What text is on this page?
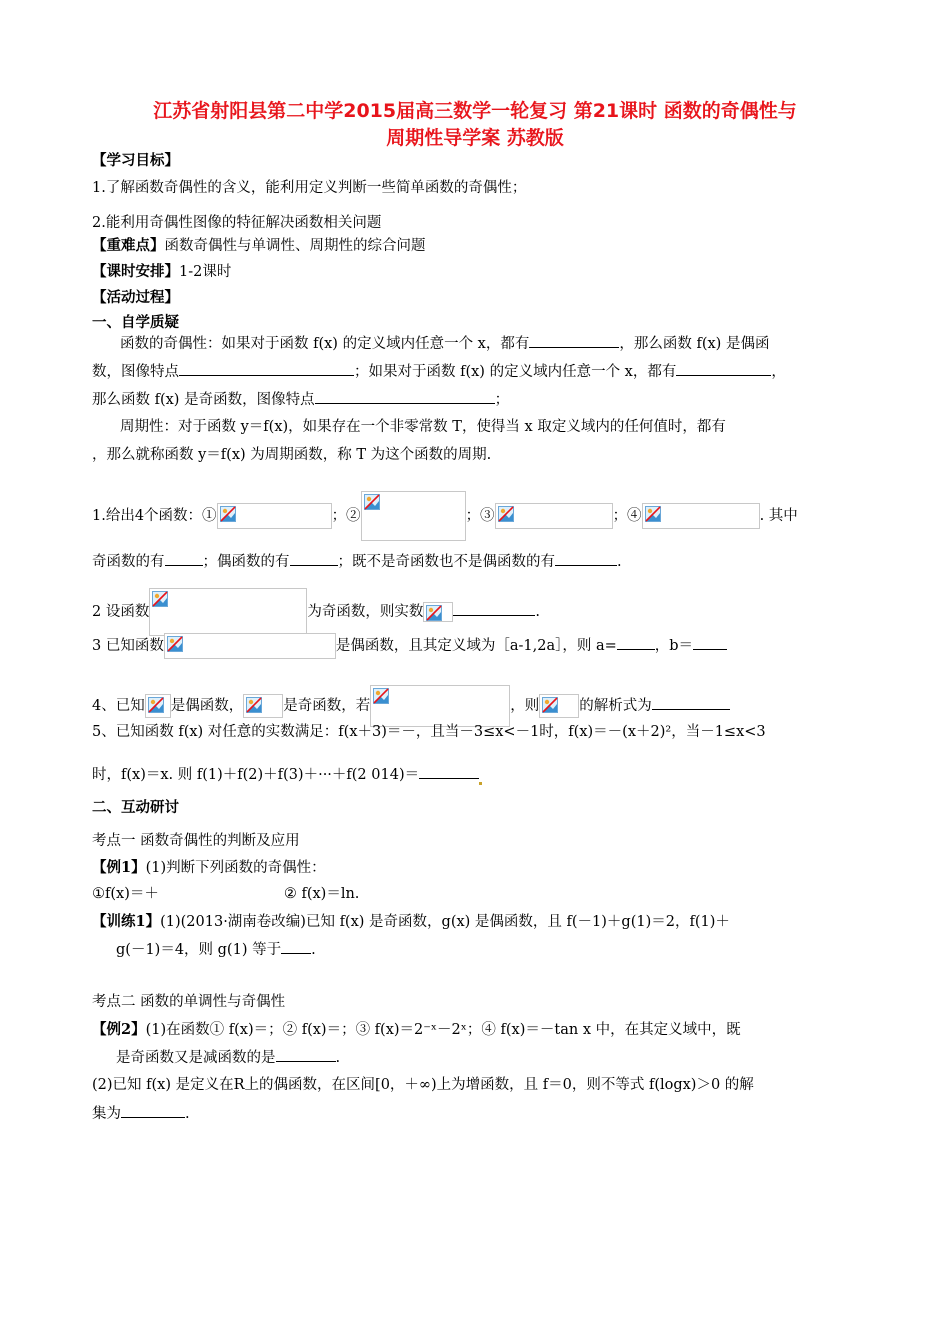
江苏省射阳县第二中学2015届高三数学一轮复习 第21课时 函数的奇偶性与
周期性导学案 苏教版
【学习目标】
1.了解函数奇偶性的含义，能利用定义判断一些简单函数的奇偶性；
2.能利用奇偶性图像的特征解决函数相关问题
【重难点】函数奇偶性与单调性、周期性的综合问题
【课时安排】1-2课时
【活动过程】
一、自学质疑
函数的奇偶性：如果对于函数 f(x) 的定义域内任意一个 x，都有	，那么函数 f(x) 是偶函
数，图像特点	；如果对于函数 f(x) 的定义域内任意一个 x，都有	，
那么函数 f(x) 是奇函数，图像特点	；
周期性：对于函数 y＝f(x)，如果存在一个非零常数 T，使得当 x 取定义域内的任何值时，都有
，那么就称函数 y＝f(x) 为周期函数，称 T 为这个函数的周期.
1.给出4个函数：①	；②	；③	；④	. 其中
奇函数的有	；偶函数的有	；既不是奇函数也不是偶函数的有	.
2 设函数	为奇函数，则实数	.
3 已知函数	是偶函数，且其定义域为［a-1,2a］，则 a=	，b＝
4、已知 是偶函数，	是奇函数，若	，则	的解析式为
5、已知函数 f(x) 对任意的实数满足：f(x＋3)＝－，且当－3≤x<－1时，f(x)＝－(x＋2)²，当－1≤x<3
时，f(x)＝x. 则 f(1)＋f(2)＋f(3)＋···＋f(2 014)＝
二、互动研讨
考点一 函数奇偶性的判断及应用
【例1】(1)判断下列函数的奇偶性：
①f(x)＝＋	② f(x)＝ln.
【训练1】(1)(2013·湖南卷改编)已知 f(x) 是奇函数，g(x) 是偶函数，且 f(－1)＋g(1)＝2，f(1)＋
g(－1)＝4，则 g(1) 等于 .
考点二 函数的单调性与奇偶性
【例2】(1)在函数① f(x)＝；② f(x)＝；③ f(x)＝2⁻ˣ－2ˣ；④ f(x)＝－tan x 中，在其定义域中，既
是奇函数又是减函数的是	.
(2)已知 f(x) 是定义在R上的偶函数，在区间[0，＋∞)上为增函数，且 f＝0，则不等式 f(logx)＞0 的解
集为	.
